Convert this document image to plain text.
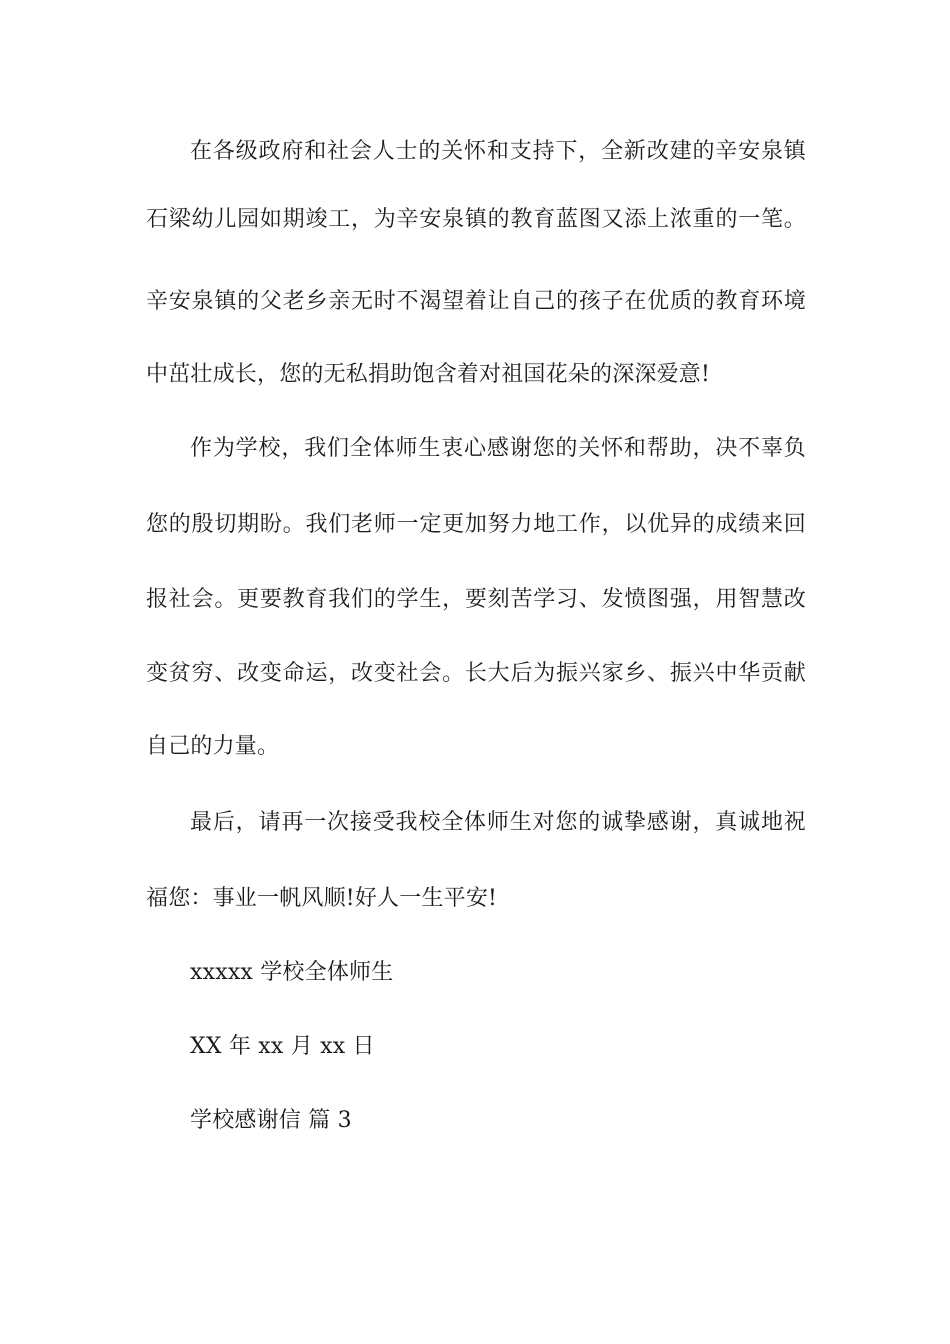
在各级政府和社会人士的关怀和支持下，全新改建的辛安泉镇
石梁幼儿园如期竣工，为辛安泉镇的教育蓝图又添上浓重的一笔。
辛安泉镇的父老乡亲无时不渴望着让自己的孩子在优质的教育环境
中茁壮成长，您的无私捐助饱含着对祖国花朵的深深爱意!
作为学校，我们全体师生衷心感谢您的关怀和帮助，决不辜负
您的殷切期盼。我们老师一定更加努力地工作，以优异的成绩来回
报社会。更要教育我们的学生，要刻苦学习、发愤图强，用智慧改
变贫穷、改变命运，改变社会。长大后为振兴家乡、振兴中华贡献
自己的力量。
最后，请再一次接受我校全体师生对您的诚挚感谢，真诚地祝
福您：事业一帆风顺!好人一生平安!
xxxxx 学校全体师生
XX 年 xx 月 xx 日
学校感谢信 篇 3
